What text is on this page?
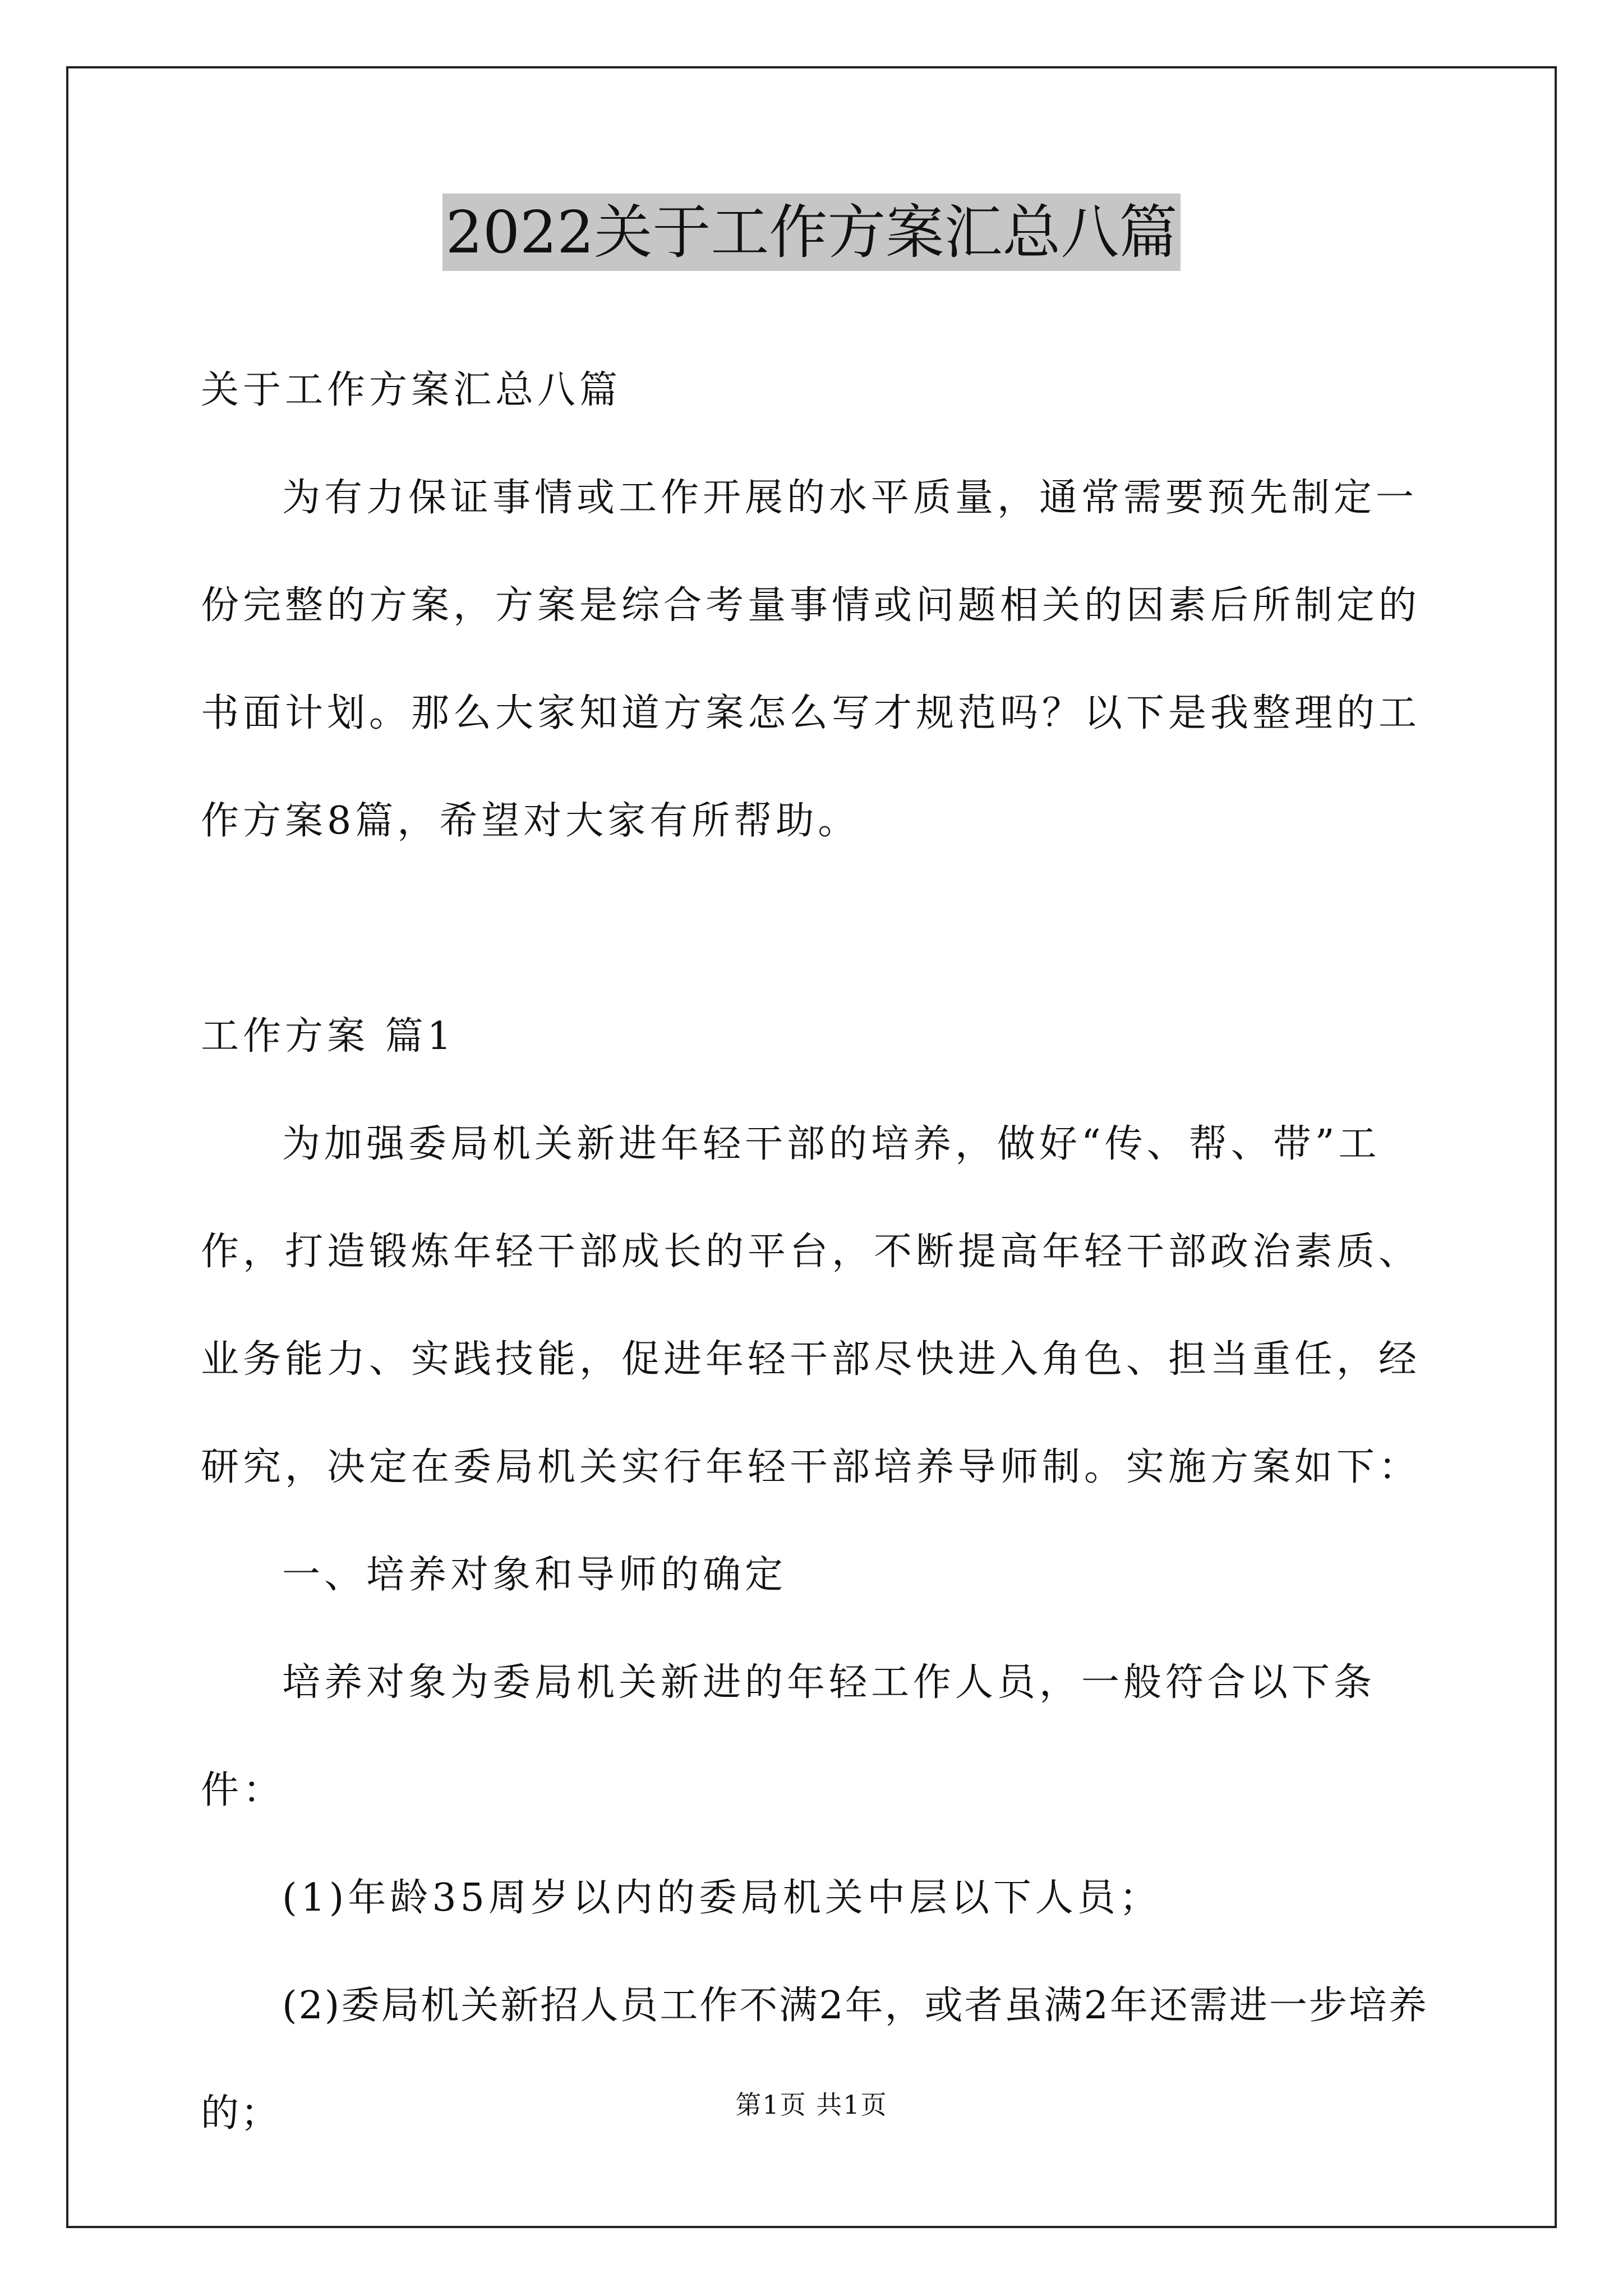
2022关于工作方案汇总八篇

关于工作方案汇总八篇

为有力保证事情或工作开展的水平质量，通常需要预先制定一份完整的方案，方案是综合考量事情或问题相关的因素后所制定的书面计划。那么大家知道方案怎么写才规范吗？以下是我整理的工作方案8篇，希望对大家有所帮助。

工作方案 篇1

为加强委局机关新进年轻干部的培养，做好“传、帮、带”工作，打造锻炼年轻干部成长的平台，不断提高年轻干部政治素质、业务能力、实践技能，促进年轻干部尽快进入角色、担当重任，经研究，决定在委局机关实行年轻干部培养导师制。实施方案如下：

一、培养对象和导师的确定

培养对象为委局机关新进的年轻工作人员，一般符合以下条件：

(1)年龄35周岁以内的委局机关中层以下人员；

(2)委局机关新招人员工作不满2年，或者虽满2年还需进一步培养的；	第1页 共1页
